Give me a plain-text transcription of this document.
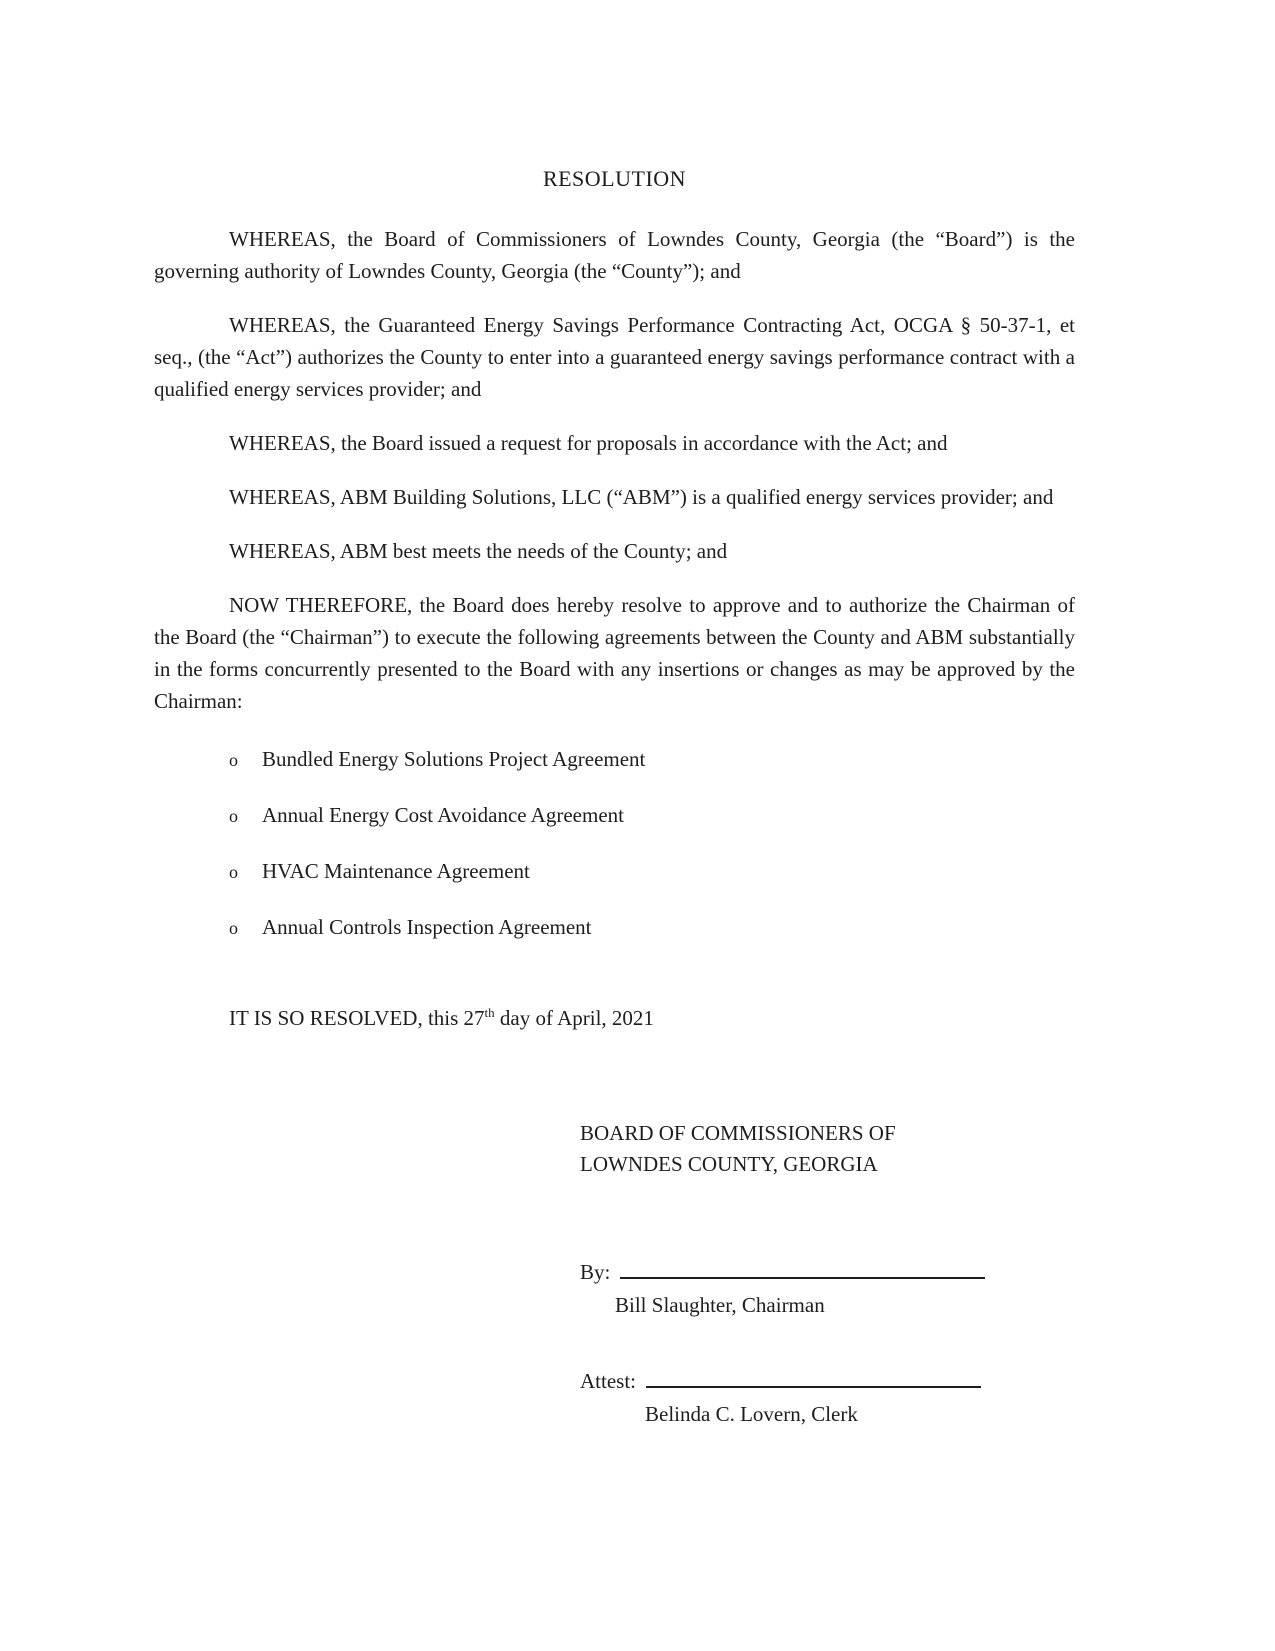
RESOLUTION

WHEREAS, the Board of Commissioners of Lowndes County, Georgia (the “Board”) is the governing authority of Lowndes County, Georgia (the “County”); and

WHEREAS, the Guaranteed Energy Savings Performance Contracting Act, OCGA § 50-37-1, et seq., (the “Act”) authorizes the County to enter into a guaranteed energy savings performance contract with a qualified energy services provider; and

WHEREAS, the Board issued a request for proposals in accordance with the Act; and

WHEREAS, ABM Building Solutions, LLC (“ABM”) is a qualified energy services provider; and

WHEREAS, ABM best meets the needs of the County; and

NOW THEREFORE, the Board does hereby resolve to approve and to authorize the Chairman of the Board (the “Chairman”) to execute the following agreements between the County and ABM substantially in the forms concurrently presented to the Board with any insertions or changes as may be approved by the Chairman:

o	Bundled Energy Solutions Project Agreement
o	Annual Energy Cost Avoidance Agreement
o	HVAC Maintenance Agreement
o	Annual Controls Inspection Agreement

IT IS SO RESOLVED, this 27th day of April, 2021

BOARD OF COMMISSIONERS OF

LOWNDES COUNTY, GEORGIA

By:

Bill Slaughter, Chairman

Attest:

Belinda C. Lovern, Clerk
